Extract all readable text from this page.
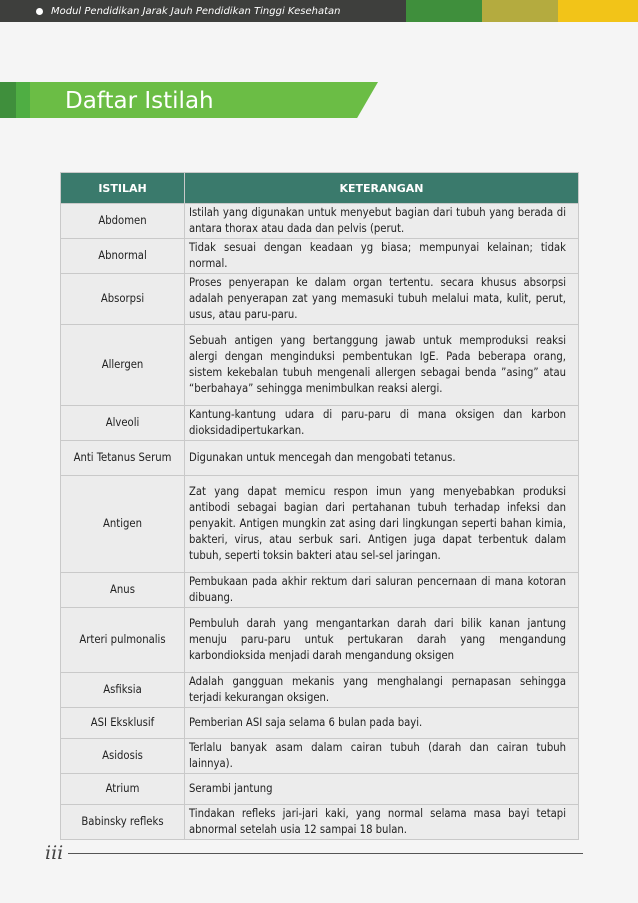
Modul Pendidikan Jarak Jauh Pendidikan Tinggi Kesehatan
Daftar Istilah
ISTILAH	KETERANGAN
Abdomen	Istilah yang digunakan untuk menyebut bagian dari tubuh yang berada di antara thorax atau dada dan pelvis (perut.
Abnormal	Tidak sesuai dengan keadaan yg biasa; mempunyai kelainan; tidak normal.
Absorpsi	Proses penyerapan ke dalam organ tertentu. secara khusus absorpsi adalah penyerapan zat yang memasuki tubuh melalui mata, kulit, perut, usus, atau paru-paru.
Allergen	Sebuah antigen yang bertanggung jawab untuk memproduksi reaksi alergi dengan menginduksi pembentukan IgE. Pada beberapa orang, sistem kekebalan tubuh mengenali allergen sebagai benda ”asing” atau “berbahaya” sehingga menimbulkan reaksi alergi.
Alveoli	Kantung-kantung udara di paru-paru di mana oksigen dan karbon dioksidadipertukarkan.
Anti Tetanus Serum	Digunakan untuk mencegah dan mengobati tetanus.
Antigen	Zat yang dapat memicu respon imun yang menyebabkan produksi antibodi sebagai bagian dari pertahanan tubuh terhadap infeksi dan penyakit. Antigen mungkin zat asing dari lingkungan seperti bahan kimia, bakteri, virus, atau serbuk sari. Antigen juga dapat terbentuk dalam tubuh, seperti toksin bakteri atau sel-sel jaringan.
Anus	Pembukaan pada akhir rektum dari saluran pencernaan di mana kotoran dibuang.
Arteri pulmonalis	Pembuluh darah yang mengantarkan darah dari bilik kanan jantung menuju paru-paru untuk pertukaran darah yang mengandung karbondioksida menjadi darah mengandung oksigen
Asfiksia	Adalah gangguan mekanis yang menghalangi pernapasan sehingga terjadi kekurangan oksigen.
ASI Eksklusif	Pemberian ASI saja selama 6 bulan pada bayi.
Asidosis	Terlalu banyak asam dalam cairan tubuh (darah dan cairan tubuh lainnya).
Atrium	Serambi jantung
Babinsky refleks	Tindakan refleks jari-jari kaki, yang normal selama masa bayi tetapi abnormal setelah usia 12 sampai 18 bulan.
iii
